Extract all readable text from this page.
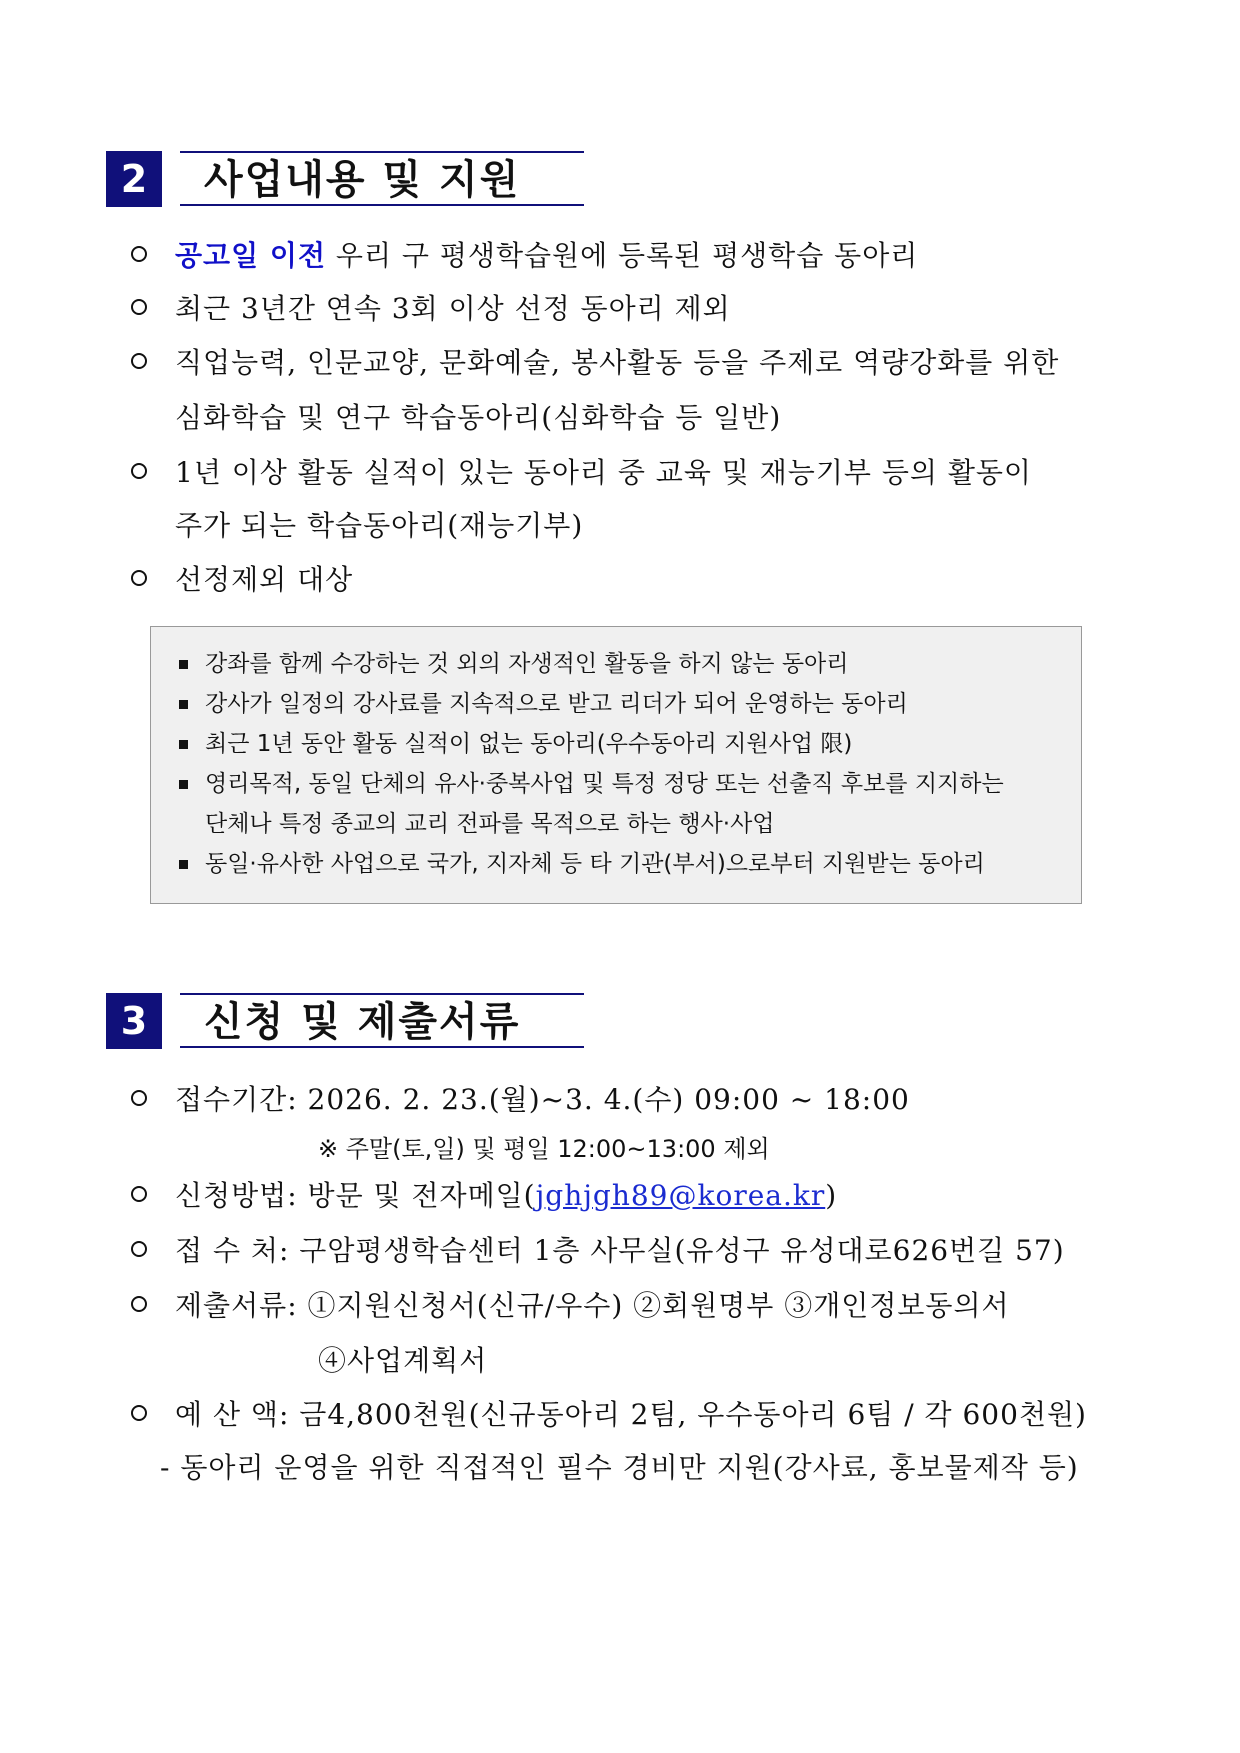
2	사업내용 및 지원
공고일 이전 우리 구 평생학습원에 등록된 평생학습 동아리
최근 3년간 연속 3회 이상 선정 동아리 제외
직업능력, 인문교양, 문화예술, 봉사활동 등을 주제로 역량강화를 위한
심화학습 및 연구 학습동아리(심화학습 등 일반)
1년 이상 활동 실적이 있는 동아리 중 교육 및 재능기부 등의 활동이
주가 되는 학습동아리(재능기부)
선정제외 대상
강좌를 함께 수강하는 것 외의 자생적인 활동을 하지 않는 동아리
강사가 일정의 강사료를 지속적으로 받고 리더가 되어 운영하는 동아리
최근 1년 동안 활동 실적이 없는 동아리(우수동아리 지원사업 限)
영리목적, 동일 단체의 유사·중복사업 및 특정 정당 또는 선출직 후보를 지지하는
단체나 특정 종교의 교리 전파를 목적으로 하는 행사·사업
동일·유사한 사업으로 국가, 지자체 등 타 기관(부서)으로부터 지원받는 동아리
3	신청 및 제출서류
접수기간: 2026. 2. 23.(월)~3. 4.(수) 09:00 ~ 18:00
※ 주말(토,일) 및 평일 12:00~13:00 제외
신청방법: 방문 및 전자메일(jghjgh89@korea.kr)
접 수 처: 구암평생학습센터 1층 사무실(유성구 유성대로626번길 57)
제출서류: ①지원신청서(신규/우수) ②회원명부 ③개인정보동의서
④사업계획서
예 산 액: 금4,800천원(신규동아리 2팀, 우수동아리 6팀 / 각 600천원)
- 동아리 운영을 위한 직접적인 필수 경비만 지원(강사료, 홍보물제작 등)
